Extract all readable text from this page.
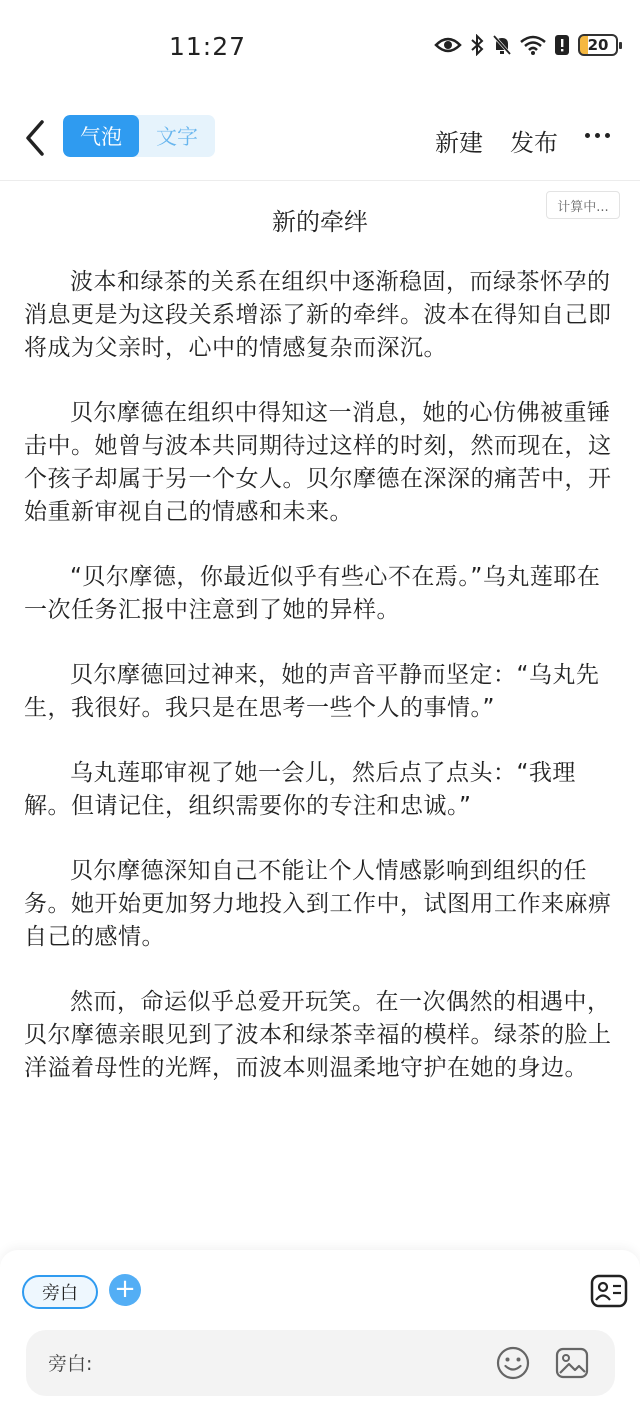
11:27	20
气泡	文字	新建 发布
计算中...
新的牵绊

波本和绿茶的关系在组织中逐渐稳固，而绿茶怀孕的消息更是为这段关系增添了新的牵绊。波本在得知自己即将成为父亲时，心中的情感复杂而深沉。

贝尔摩德在组织中得知这一消息，她的心仿佛被重锤击中。她曾与波本共同期待过这样的时刻，然而现在，这个孩子却属于另一个女人。贝尔摩德在深深的痛苦中，开始重新审视自己的情感和未来。

“贝尔摩德，你最近似乎有些心不在焉。”乌丸莲耶在一次任务汇报中注意到了她的异样。

贝尔摩德回过神来，她的声音平静而坚定：“乌丸先生，我很好。我只是在思考一些个人的事情。”

乌丸莲耶审视了她一会儿，然后点了点头：“我理解。但请记住，组织需要你的专注和忠诚。”

贝尔摩德深知自己不能让个人情感影响到组织的任务。她开始更加努力地投入到工作中，试图用工作来麻痹自己的感情。

然而，命运似乎总爱开玩笑。在一次偶然的相遇中，贝尔摩德亲眼见到了波本和绿茶幸福的模样。绿茶的脸上洋溢着母性的光辉，而波本则温柔地守护在她的身边。

旁白	+
旁白:
